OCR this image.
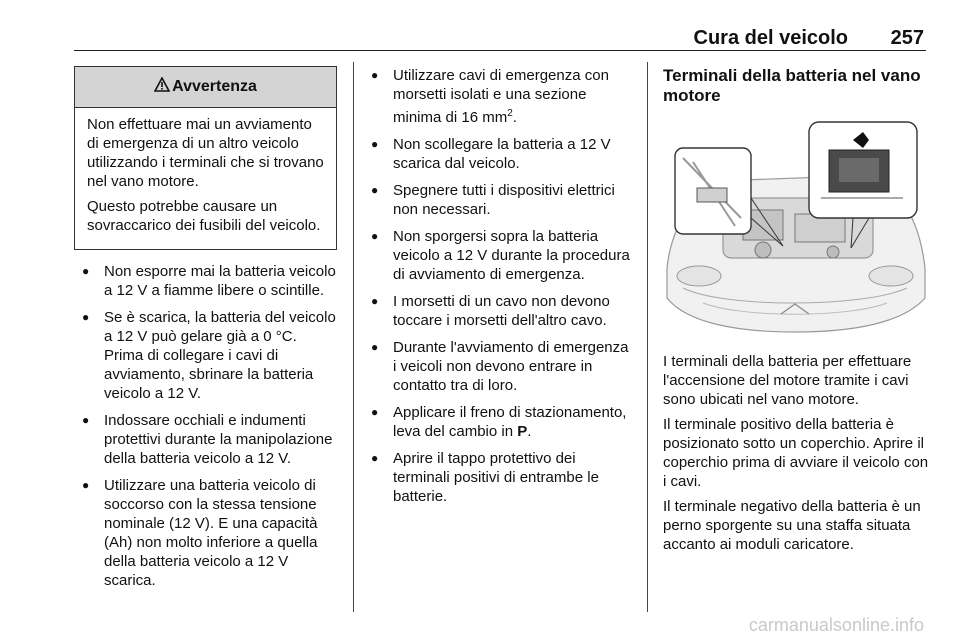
Cura del veicolo 257
Avvertenza

Non effettuare mai un avviamento di emergenza di un altro veicolo utilizzando i terminali che si trovano nel vano motore.

Questo potrebbe causare un sovraccarico dei fusibili del veicolo.

● Non esporre mai la batteria veicolo a 12 V a fiamme libere o scintille.
● Se è scarica, la batteria del veicolo a 12 V può gelare già a 0 °C. Prima di collegare i cavi di avviamento, sbrinare la batteria veicolo a 12 V.
● Indossare occhiali e indumenti protettivi durante la manipolazione della batteria veicolo a 12 V.
● Utilizzare una batteria veicolo di soccorso con la stessa tensione nominale (12 V). E una capacità (Ah) non molto inferiore a quella della batteria veicolo a 12 V scarica.
● Utilizzare cavi di emergenza con morsetti isolati e una sezione minima di 16 $mm^2$.
● Non scollegare la batteria a 12 V scarica dal veicolo.
● Spegnere tutti i dispositivi elettrici non necessari.
● Non sporgersi sopra la batteria veicolo a 12 V durante la procedura di avviamento di emergenza.
● I morsetti di un cavo non devono toccare i morsetti dell'altro cavo.
● Durante l'avviamento di emergenza i veicoli non devono entrare in contatto tra di loro.
● Applicare il freno di stazionamento, leva del cambio in P.
● Aprire il tappo protettivo dei terminali positivi di entrambe le batterie.
Terminali della batteria nel vano motore

I terminali della batteria per effettuare l'accensione del motore tramite i cavi sono ubicati nel vano motore.

Il terminale positivo della batteria è posizionato sotto un coperchio. Aprire il coperchio prima di avviare il veicolo con i cavi.

Il terminale negativo della batteria è un perno sporgente su una staffa situata accanto ai moduli caricatore.

carmanualsonline.info
